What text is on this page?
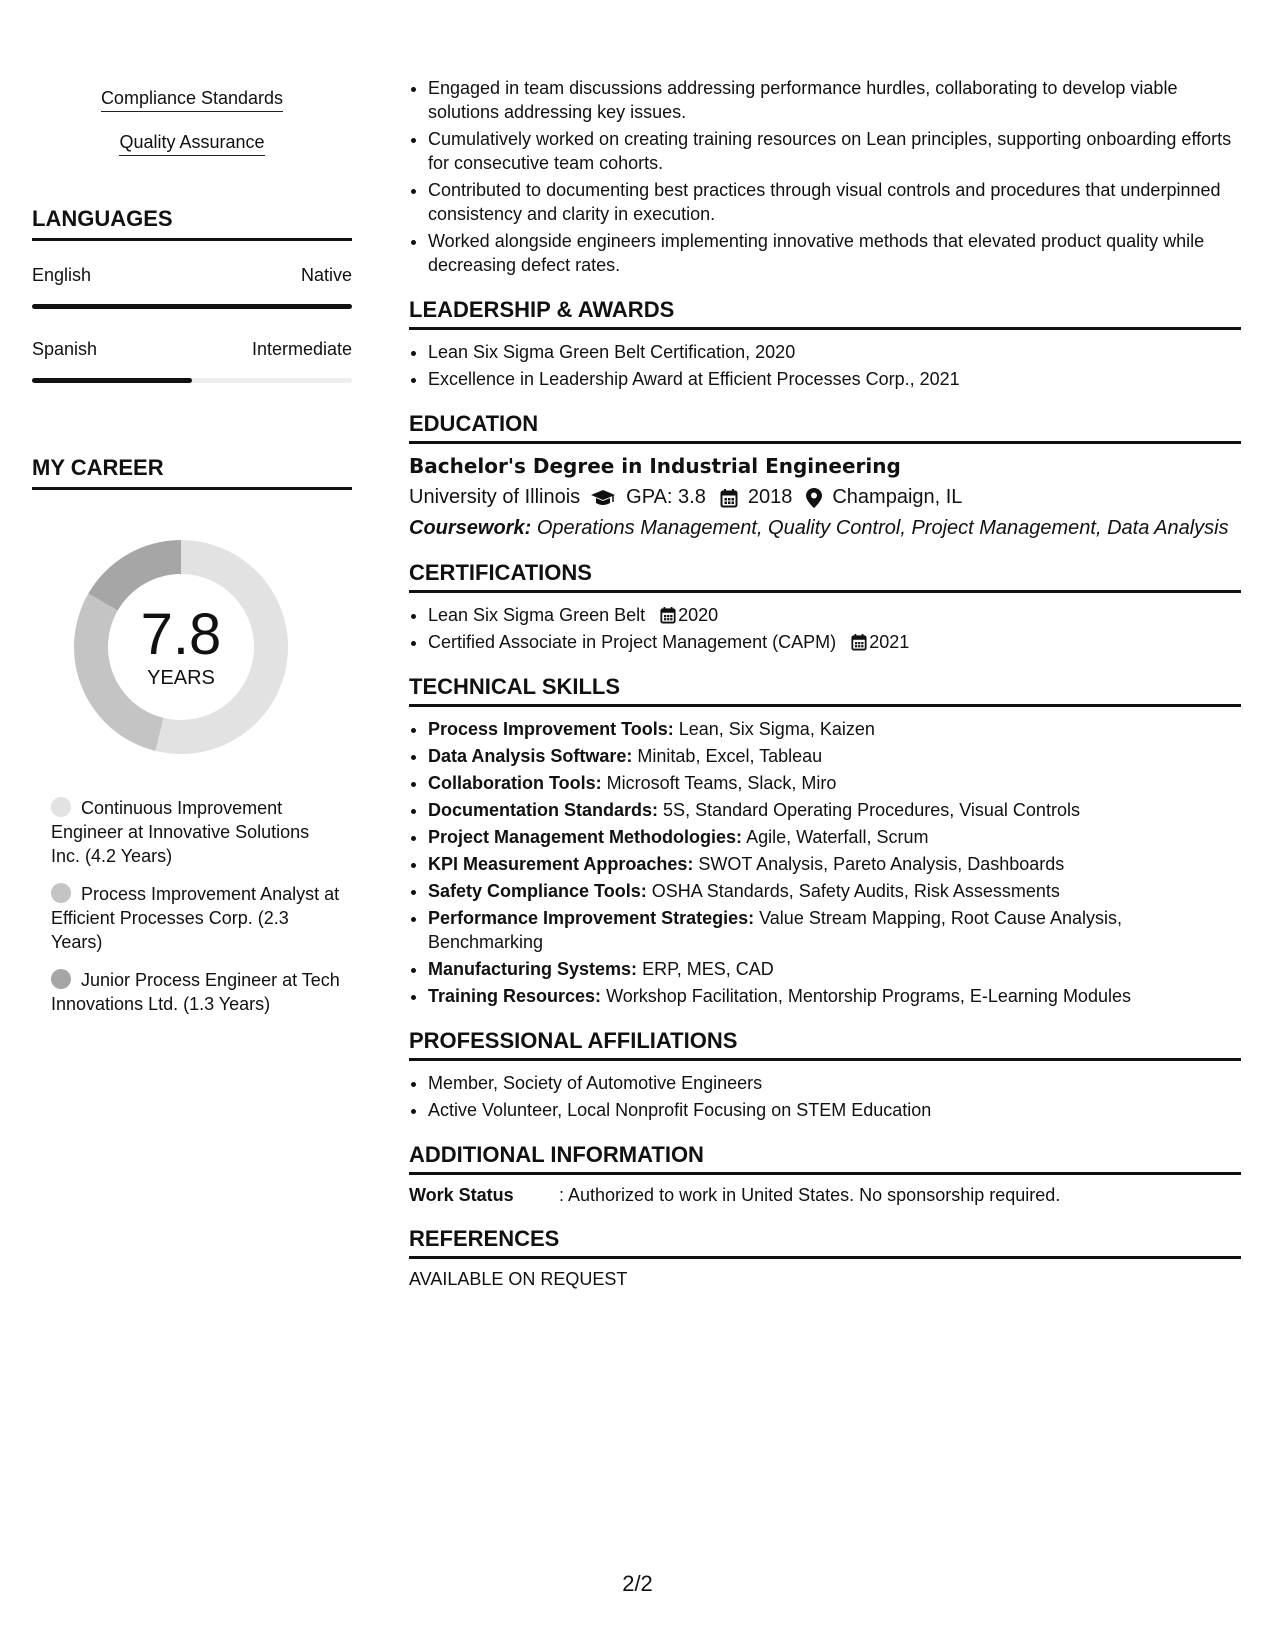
Compliance Standards
Quality Assurance
LANGUAGES
English	Native
Spanish	Intermediate
MY CAREER
7.8
YEARS
Continuous Improvement Engineer at Innovative Solutions Inc. (4.2 Years)
Process Improvement Analyst at Efficient Processes Corp. (2.3 Years)
Junior Process Engineer at Tech Innovations Ltd. (1.3 Years)
• Engaged in team discussions addressing performance hurdles, collaborating to develop viable solutions addressing key issues.
• Cumulatively worked on creating training resources on Lean principles, supporting onboarding efforts for consecutive team cohorts.
• Contributed to documenting best practices through visual controls and procedures that underpinned consistency and clarity in execution.
• Worked alongside engineers implementing innovative methods that elevated product quality while decreasing defect rates.
LEADERSHIP & AWARDS
• Lean Six Sigma Green Belt Certification, 2020
• Excellence in Leadership Award at Efficient Processes Corp., 2021
EDUCATION
Bachelor's Degree in Industrial Engineering
University of Illinois GPA: 3.8 2018 Champaign, IL
Coursework: Operations Management, Quality Control, Project Management, Data Analysis
CERTIFICATIONS
• Lean Six Sigma Green Belt 2020
• Certified Associate in Project Management (CAPM) 2021
TECHNICAL SKILLS
• Process Improvement Tools: Lean, Six Sigma, Kaizen
• Data Analysis Software: Minitab, Excel, Tableau
• Collaboration Tools: Microsoft Teams, Slack, Miro
• Documentation Standards: 5S, Standard Operating Procedures, Visual Controls
• Project Management Methodologies: Agile, Waterfall, Scrum
• KPI Measurement Approaches: SWOT Analysis, Pareto Analysis, Dashboards
• Safety Compliance Tools: OSHA Standards, Safety Audits, Risk Assessments
• Performance Improvement Strategies: Value Stream Mapping, Root Cause Analysis, Benchmarking
• Manufacturing Systems: ERP, MES, CAD
• Training Resources: Workshop Facilitation, Mentorship Programs, E-Learning Modules
PROFESSIONAL AFFILIATIONS
• Member, Society of Automotive Engineers
• Active Volunteer, Local Nonprofit Focusing on STEM Education
ADDITIONAL INFORMATION
Work Status	: Authorized to work in United States. No sponsorship required.
REFERENCES
AVAILABLE ON REQUEST
2/2
